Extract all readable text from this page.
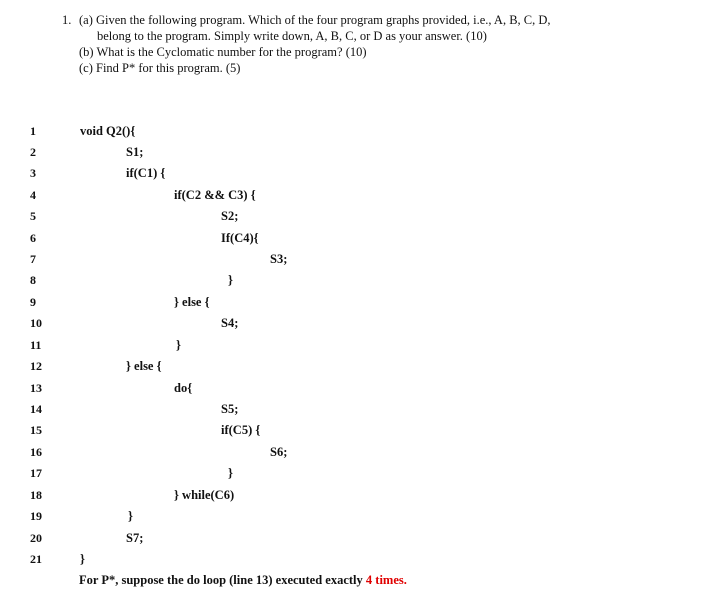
1. (a) Given the following program. Which of the four program graphs provided, i.e., A, B, C, D,
belong to the program. Simply write down, A, B, C, or D as your answer. (10)
(b) What is the Cyclomatic number for the program? (10)
(c) Find P* for this program. (5)
1
2
3
4
5
6
7
8
9
10
11
12
13
14
15
16
17
18
19
20
21
void Q2(){
S1;
if(C1) {
if(C2 && C3) {
S2;
If(C4){
S3;
}
} else {
S4;
}
} else {
do{
S5;
if(C5) {
S6;
}
} while(C6)
}
S7;
}
For P*, suppose the do loop (line 13) executed exactly 4 times.
